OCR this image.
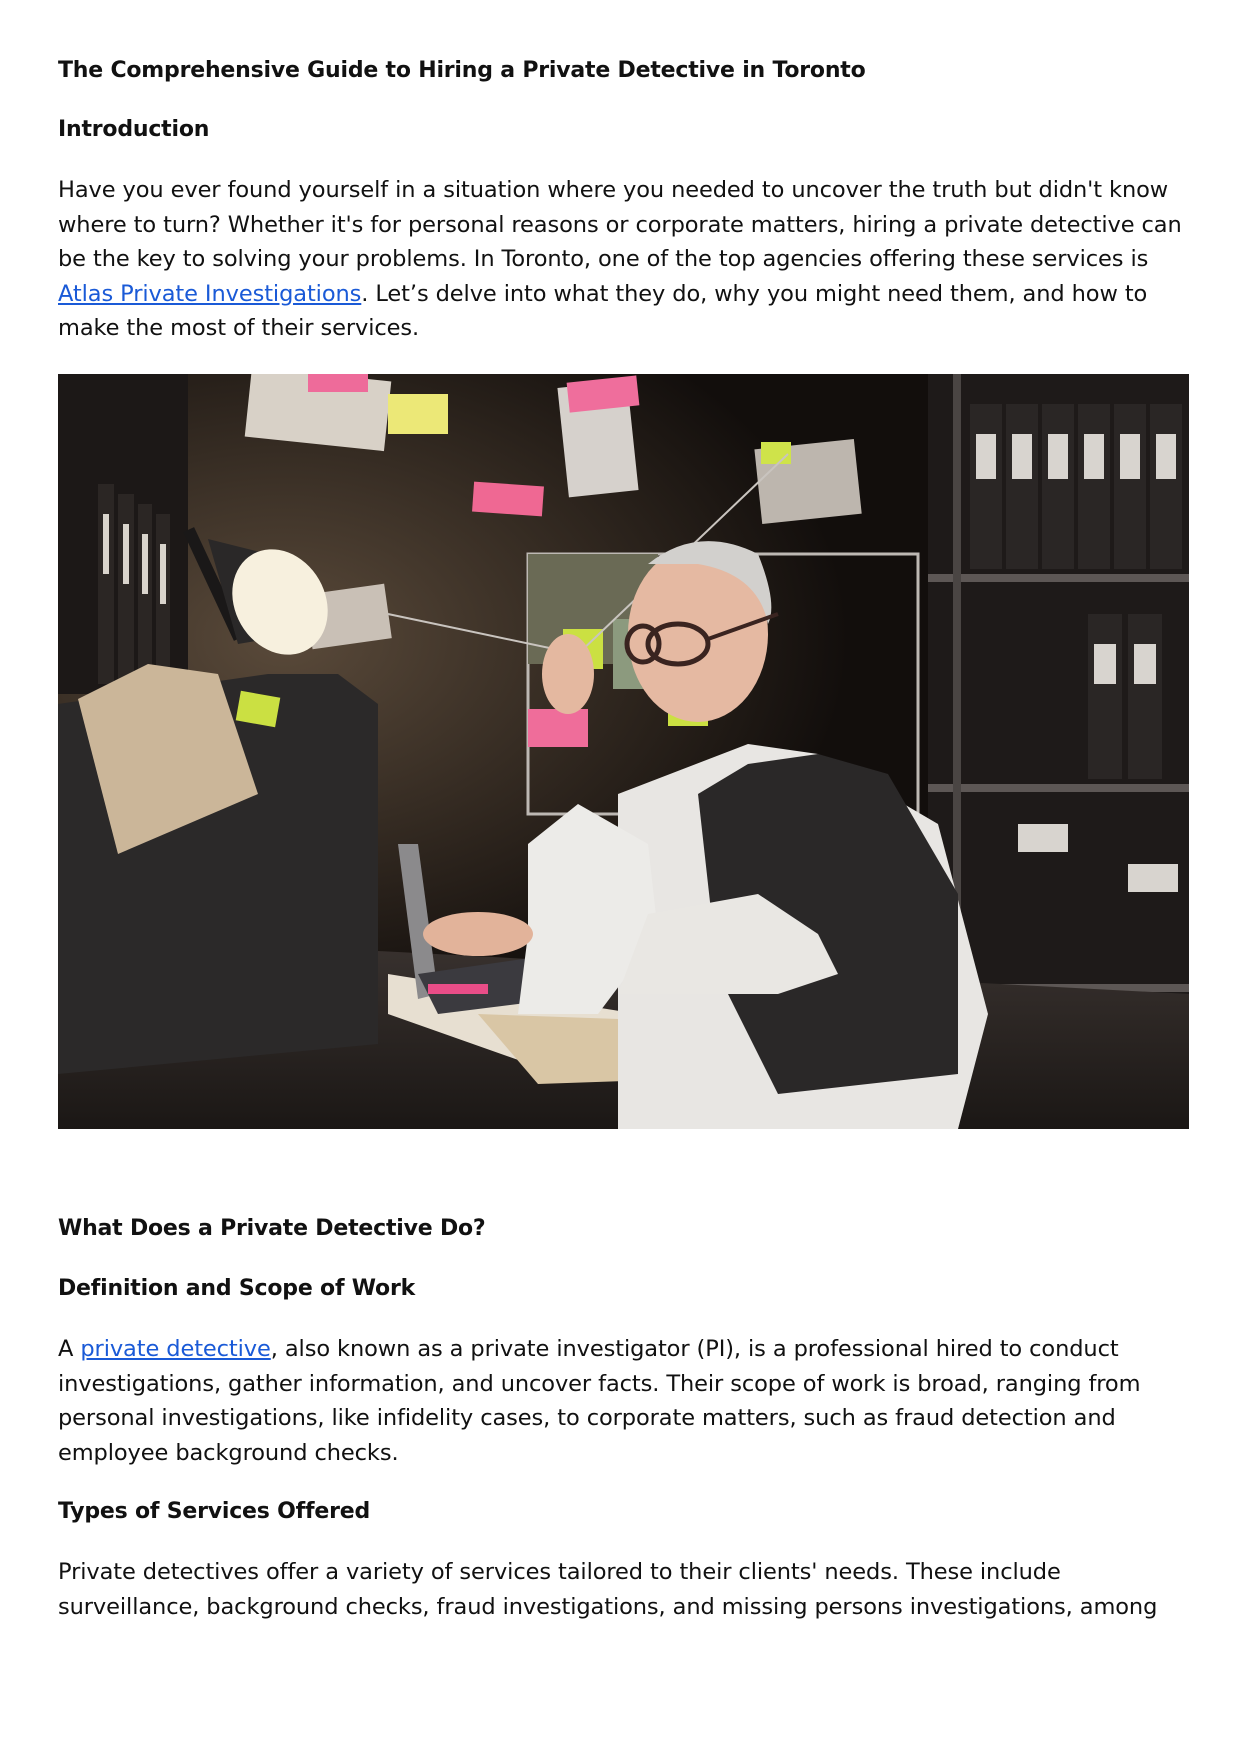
The Comprehensive Guide to Hiring a Private Detective in Toronto
Introduction

Have you ever found yourself in a situation where you needed to uncover the truth but didn't know where to turn? Whether it's for personal reasons or corporate matters, hiring a private detective can be the key to solving your problems. In Toronto, one of the top agencies offering these services is Atlas Private Investigations. Let’s delve into what they do, why you might need them, and how to make the most of their services.

What Does a Private Detective Do?
Definition and Scope of Work

A private detective, also known as a private investigator (PI), is a professional hired to conduct investigations, gather information, and uncover facts. Their scope of work is broad, ranging from personal investigations, like infidelity cases, to corporate matters, such as fraud detection and employee background checks.

Types of Services Offered

Private detectives offer a variety of services tailored to their clients' needs. These include surveillance, background checks, fraud investigations, and missing persons investigations, among
